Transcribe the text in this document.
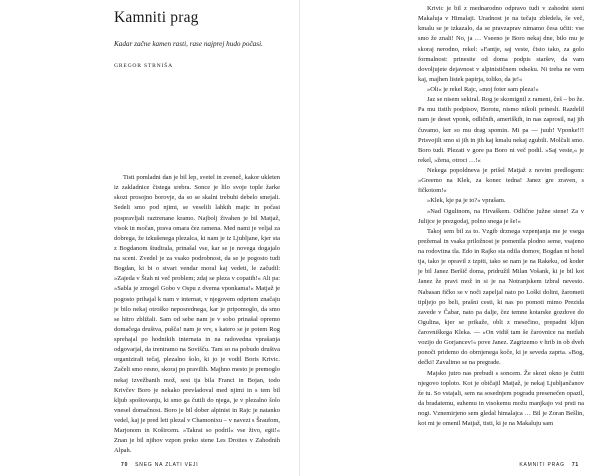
Kamniti prag

Kadar začne kamen rasti, rase najprej hudo počasi.

GREGOR STRNIŠA

Tisti pomladni dan je bil lep, svetel in zveneč, kakor ukleten iz zakladnice čistega srebra. Sonce je lilo svoje tople žarke skozi prosojno borovje, da so se skalni trebuhi debelo smejali. Sedeli smo pod njimi, se veselili lahkih majic in počasi pospravljali raztrenane kramo. Najbolj živahen je bil Matjaž, visok in močan, prava omara čez ramena. Med nami je veljal za dobrega, že izkušenega plezalca, ki nam je iz Ljubljane, kjer sta z Bogdanom študirala, prinašal vse, kar se je novega dogajalo na sceni. Zvedel je za vsako podrobnost, da se je pogosto tudi Bogdan, ki bi o stvari vendar moral kaj vedeti, le začudil: »Zajeda v Štah ni več problem; zdaj se pleza v copatih!« Ali pa: »Sabla je zmogel Gobo v Ospu z dvema vponkama!« Matjaž je pogosto prihajal k nam v internat, v njegovem odprtem značaju je bilo nekaj otroško neposrednega, kar je pripomoglo, da smo se hitro zbližali. Sam od sebe nam je v sobo prinašal opremo domačega društva, pušča! nam je vrv, s katero se je potem Rog sprehajal po hodnikih internata in na radovedna vprašanja odgovarjal, da treniramo na Sovišču. Tam so na pobudo društva organizirali tečaj, plezalno šolo, ki jo je vodil Boris Krivic. Začeli smo resno, skoraj po pravilih. Majhno mesto je premoglo nekaj izvežbanih mož, sest tja bila Franci in Bojan, todo Krivčev Boro je nekako prevladoval med njimi in s tem bil kljub spoštovanju, ki smo ga čutili do njega, je v plezalno šolo vnesel domačnost. Boro je bil dober alpinist in Rajc je natanko vedel, kaj je pred leti plezal v Chamonixu – v navezi s Šraufom, Marjonom in Košircem. »Takrat so podril« vse živo, egii!« Znan je bil njihov vzpon preko stene Les Droites v Zahodnih Alpah.

70 SNEG NA ZLATI VEJI

Krivic je bil z mednarodno odpravo tudi v zahodni steni Makaluja v Himalaji. Uradnost je na tečaju zbledela, še več, kmalu se je izkazalo, da se pravzaprav nimamo česa učiti: vse smo že znali! No, ja … Vseeno je Boro nekaj dne, bilo mu je skoraj nerodno, rekel: »Fantje, saj veste, čisto tako, za golo formalnost: prinesite od doma podpis staršev, da vam dovoljujete dejavnost v alpinističnem odseku. Ni treba ne vem kaj, majhen listek papirja, toliko, da je!«

»Oli« je rekel Rajc, »moj foter sam pleza!«

Jaz se nisem sekiral. Rog je skomignil z rameni, češ – bo že. Pa mu tistih podpisov, Borotu, nismo nikoli prinesli. Razdelil nam je deset vponk, odličnih, ameriških, in nas zaprosil, naj jih čuvamo, ker so mu drag spomin. Mi pa — juuh! Vponke!!! Prisvojili smo si jih in jih kaj kmalu nekaj zgubili. Molčali smo. Boro tudi. Plezati v gore pa Boro ni več podil. »Saj veste,« je rekel, »žena, otroci …!«

Nekega popoldneva je prišel Matjaž z novim predlogom: »Greemo na Klek, za konec tedna! Janez gre zraven, s fičkotom!«

»Klek, kje pa je to?« vprašam.

»Nad Ogulinom, na Hrvaškem. Odlične južne stene! Za v Julijce je prezgodaj, polno snega je še!«

Takoj sem bil za to. Vzgib drznega vzpenjanja me je vsega prežemal in vsaka priložnost je pomenila plodno seme, vsajeno na rodovitna tla. Edo in Rajko sta odila domov, Bogdan ni hotel tja, tako je opravil z izpiti, tako se nam je na Rakeku, od koder je bil Janez Beršič doma, pridružil Milan Vošank, ki je bil kot Janez že pravi mož in si je na Notranjskem izbral nevesto. Nabasan fičko se v noči zapeljal nato po Loški dolini, žarometi tipljejo po beli, prašni cesti, ki nas po pomoti mimo Prezida zavede v Čabar, nato pa dalje, čez temne kotarske gozdove do Ogulina, kjer se prikaže, obli z mesečino, prepadni kljun čarovniškega Kleka. — »On vidiš tam še čarovnice na metlah vozijo do Gorjancev!« pove Janez. Zagrizemo v hrib in ob dveh ponoči pridemo do obrnjenega koče, ki je seveda zaprta. »Bog, dečki! Zavalimo se na pregrade.

Majsko jutro nas prebudi s soncem. Že skozi okno je čutiti njegovo toploto. Kot je običajil Matjaž, je nekaj Ljubljančanov že tu. So vstajali, sem na sosednjem pogradu presenečen opazil, da bradatemu, suhemu in visokemu možu manjkajo vsi prsti na nogi. Vznemirjeno sem gledal himalajca … Bil je Zoran Bešlin, kot mi je omenil Matjaž, tisti, ki je na Makaluju sam

KAMNITI PRAG 71
